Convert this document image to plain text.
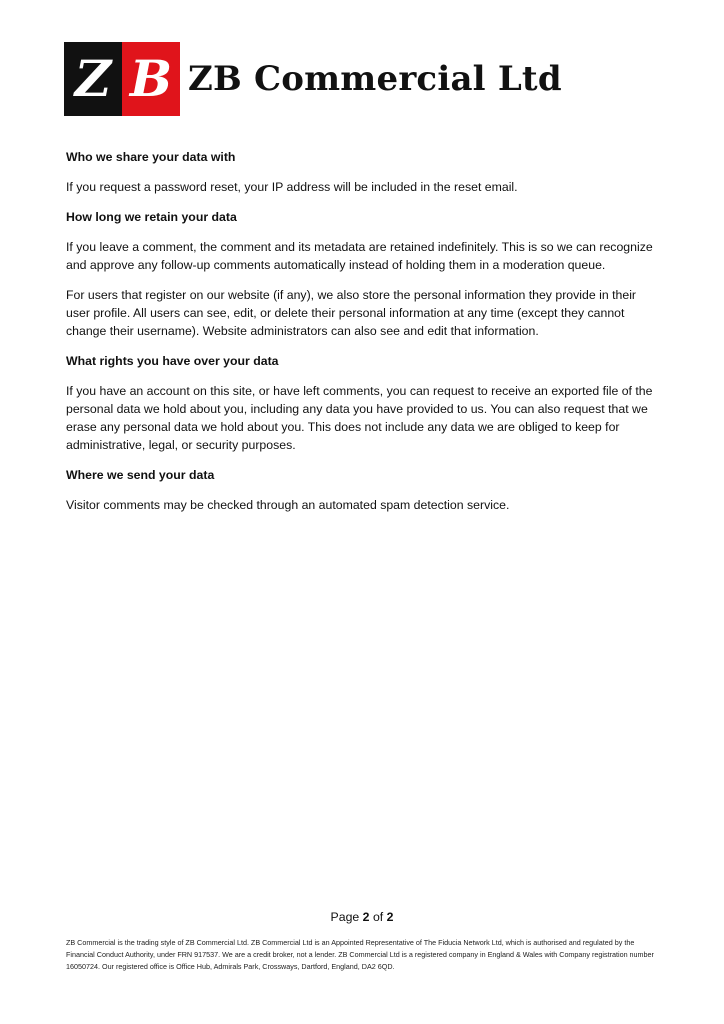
Z B ZB Commercial Ltd
Who we share your data with
If you request a password reset, your IP address will be included in the reset email.
How long we retain your data
If you leave a comment, the comment and its metadata are retained indefinitely. This is so we can recognize and approve any follow-up comments automatically instead of holding them in a moderation queue.
For users that register on our website (if any), we also store the personal information they provide in their user profile. All users can see, edit, or delete their personal information at any time (except they cannot change their username). Website administrators can also see and edit that information.
What rights you have over your data
If you have an account on this site, or have left comments, you can request to receive an exported file of the personal data we hold about you, including any data you have provided to us. You can also request that we erase any personal data we hold about you. This does not include any data we are obliged to keep for administrative, legal, or security purposes.
Where we send your data
Visitor comments may be checked through an automated spam detection service.
Page 2 of 2
ZB Commercial is the trading style of ZB Commercial Ltd. ZB Commercial Ltd is an Appointed Representative of The Fiducia Network Ltd, which is authorised and regulated by the Financial Conduct Authority, under FRN 917537. We are a credit broker, not a lender. ZB Commercial Ltd is a registered company in England & Wales with Company registration number 16050724. Our registered office is Office Hub, Admirals Park, Crossways, Dartford, England, DA2 6QD.
